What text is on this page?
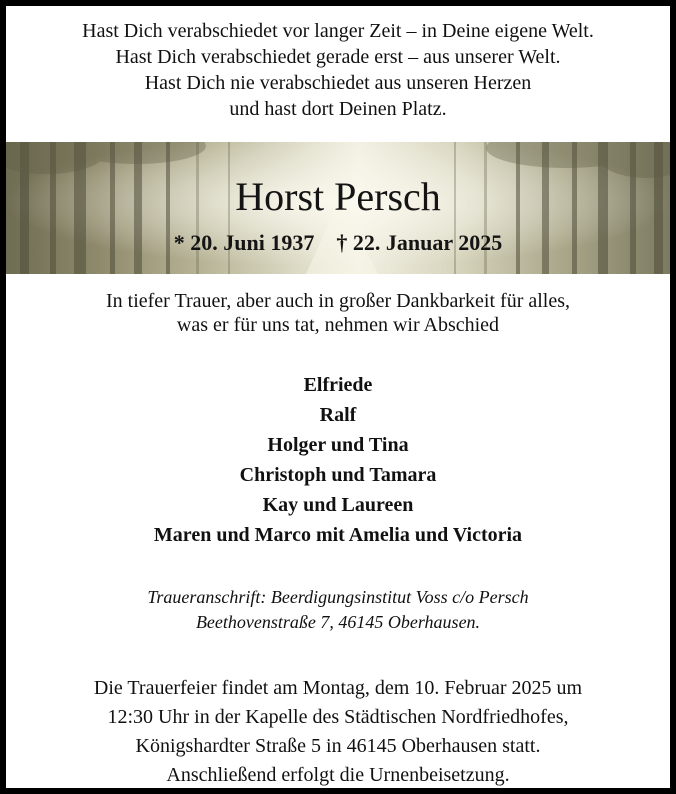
Hast Dich verabschiedet vor langer Zeit – in Deine eigene Welt.
Hast Dich verabschiedet gerade erst – aus unserer Welt.
Hast Dich nie verabschiedet aus unseren Herzen
und hast dort Deinen Platz.
Horst Persch
* 20. Juni 1937 † 22. Januar 2025
In tiefer Trauer, aber auch in großer Dankbarkeit für alles,
was er für uns tat, nehmen wir Abschied
Elfriede
Ralf
Holger und Tina
Christoph und Tamara
Kay und Laureen
Maren und Marco mit Amelia und Victoria
Traueranschrift: Beerdigungsinstitut Voss c/o Persch
Beethovenstraße 7, 46145 Oberhausen.
Die Trauerfeier findet am Montag, dem 10. Februar 2025 um
12:30 Uhr in der Kapelle des Städtischen Nordfriedhofes,
Königshardter Straße 5 in 46145 Oberhausen statt.
Anschließend erfolgt die Urnenbeisetzung.
